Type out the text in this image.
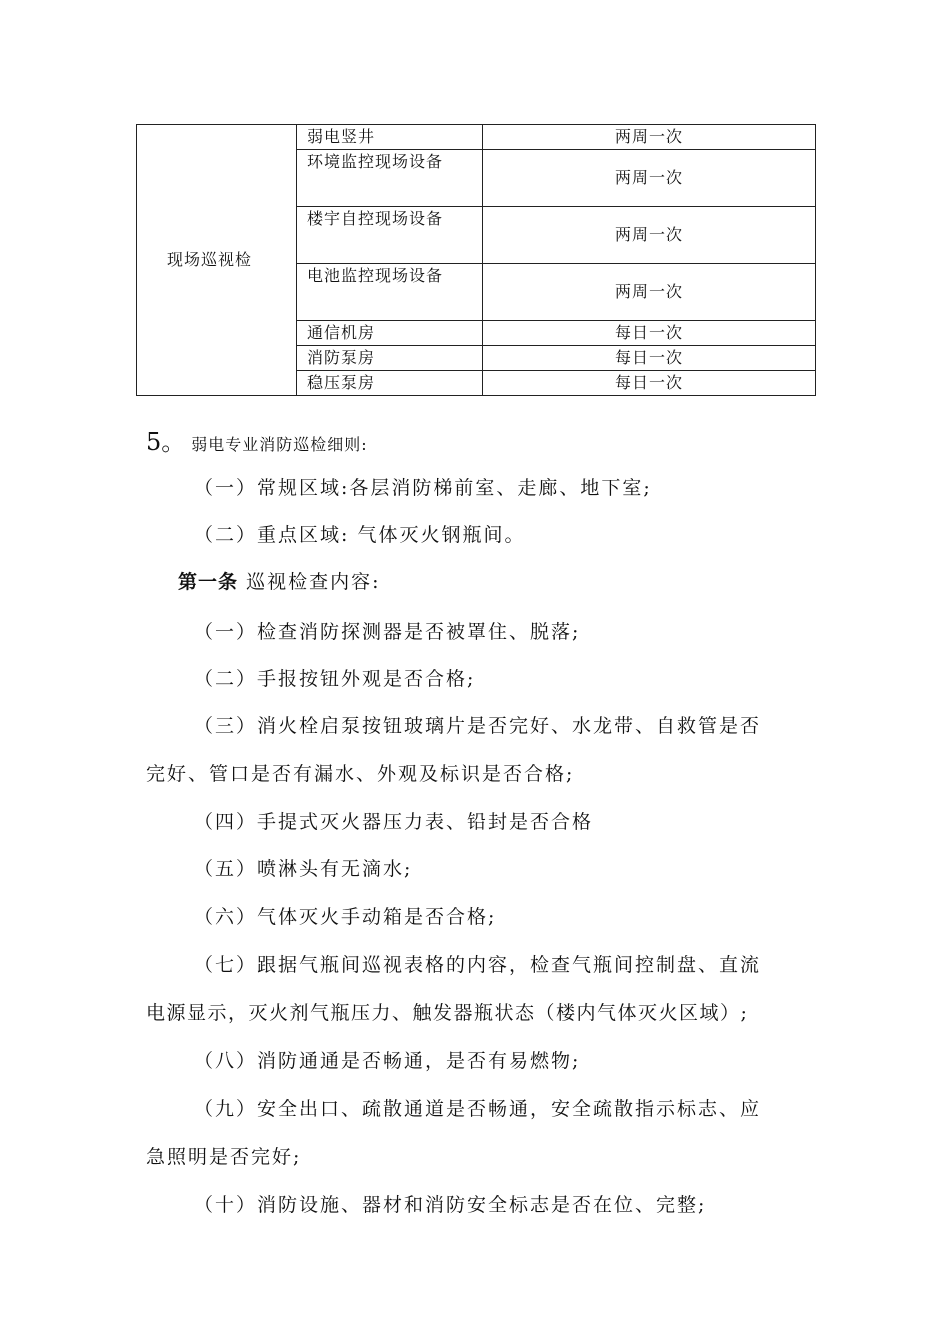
现场巡视检	弱电竖井	两周一次
	环境监控现场设备	两周一次
	楼宇自控现场设备	两周一次
	电池监控现场设备	两周一次
	通信机房	每日一次
	消防泵房	每日一次
	稳压泵房	每日一次
5。 弱电专业消防巡检细则:
（一）常规区域:各层消防梯前室、走廊、地下室;
（二）重点区域: 气体灭火钢瓶间。
第一条 巡视检查内容:
（一）检查消防探测器是否被罩住、脱落;
（二）手报按钮外观是否合格;
（三）消火栓启泵按钮玻璃片是否完好、水龙带、自救管是否
完好、管口是否有漏水、外观及标识是否合格;
（四）手提式灭火器压力表、铅封是否合格
（五）喷淋头有无滴水;
（六）气体灭火手动箱是否合格;
（七）跟据气瓶间巡视表格的内容，检查气瓶间控制盘、直流
电源显示，灭火剂气瓶压力、触发器瓶状态（楼内气体灭火区域）;
（八）消防通通是否畅通，是否有易燃物;
（九）安全出口、疏散通道是否畅通，安全疏散指示标志、应
急照明是否完好;
（十）消防设施、器材和消防安全标志是否在位、完整;
